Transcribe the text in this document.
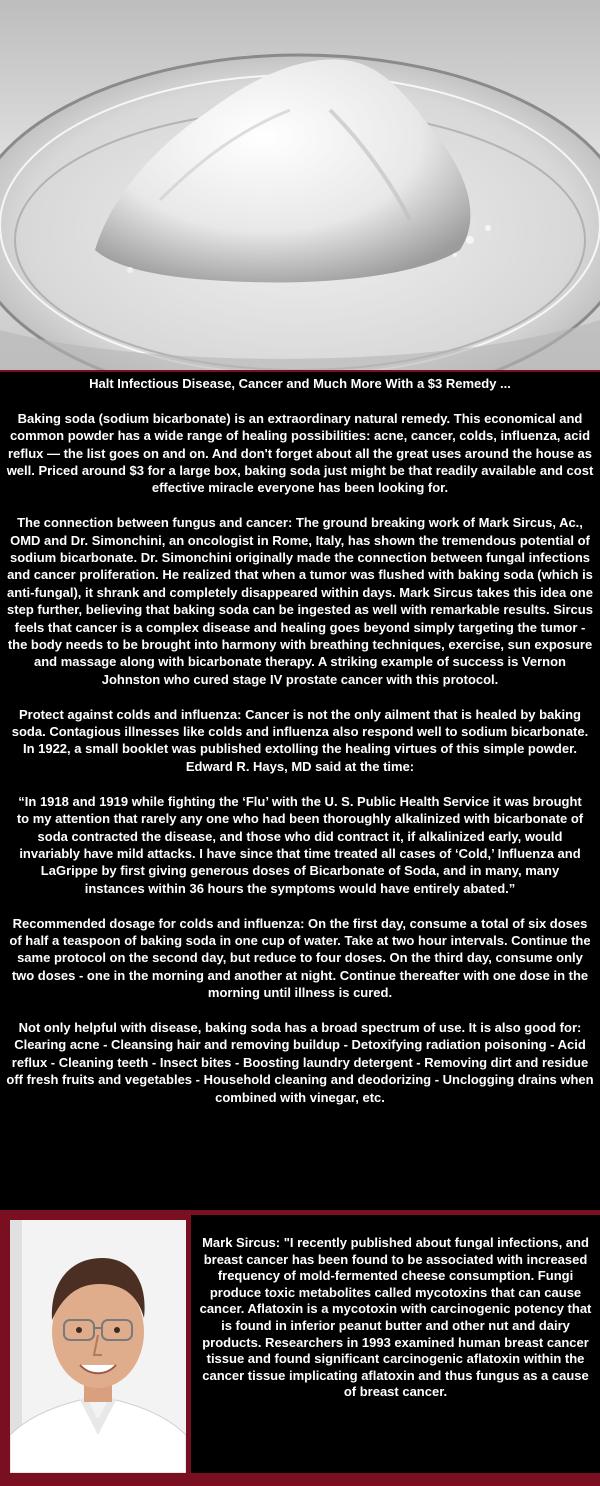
Halt Infectious Disease, Cancer and Much More With a $3 Remedy ...

Baking soda (sodium bicarbonate) is an extraordinary natural remedy. This economical and common powder has a wide range of healing possibilities: acne, cancer, colds, influenza, acid reflux — the list goes on and on. And don't forget about all the great uses around the house as well. Priced around $3 for a large box, baking soda just might be that readily available and cost effective miracle everyone has been looking for.

The connection between fungus and cancer: The ground breaking work of Mark Sircus, Ac., OMD and Dr. Simonchini, an oncologist in Rome, Italy, has shown the tremendous potential of sodium bicarbonate. Dr. Simonchini originally made the connection between fungal infections and cancer proliferation. He realized that when a tumor was flushed with baking soda (which is anti-fungal), it shrank and completely disappeared within days. Mark Sircus takes this idea one step further, believing that baking soda can be ingested as well with remarkable results. Sircus feels that cancer is a complex disease and healing goes beyond simply targeting the tumor - the body needs to be brought into harmony with breathing techniques, exercise, sun exposure and massage along with bicarbonate therapy. A striking example of success is Vernon Johnston who cured stage IV prostate cancer with this protocol.

Protect against colds and influenza: Cancer is not the only ailment that is healed by baking soda. Contagious illnesses like colds and influenza also respond well to sodium bicarbonate. In 1922, a small booklet was published extolling the healing virtues of this simple powder. Edward R. Hays, MD said at the time:

“In 1918 and 1919 while fighting the ‘Flu’ with the U. S. Public Health Service it was brought to my attention that rarely any one who had been thoroughly alkalinized with bicarbonate of soda contracted the disease, and those who did contract it, if alkalinized early, would invariably have mild attacks. I have since that time treated all cases of ‘Cold,’ Influenza and LaGrippe by first giving generous doses of Bicarbonate of Soda, and in many, many instances within 36 hours the symptoms would have entirely abated.”

Recommended dosage for colds and influenza: On the first day, consume a total of six doses of half a teaspoon of baking soda in one cup of water. Take at two hour intervals. Continue the same protocol on the second day, but reduce to four doses. On the third day, consume only two doses - one in the morning and another at night. Continue thereafter with one dose in the morning until illness is cured.

Not only helpful with disease, baking soda has a broad spectrum of use. It is also good for: Clearing acne - Cleansing hair and removing buildup - Detoxifying radiation poisoning - Acid reflux - Cleaning teeth - Insect bites - Boosting laundry detergent - Removing dirt and residue off fresh fruits and vegetables - Household cleaning and deodorizing - Unclogging drains when combined with vinegar, etc.

Mark Sircus: "I recently published about fungal infections, and breast cancer has been found to be associated with increased frequency of mold-fermented cheese consumption. Fungi produce toxic metabolites called mycotoxins that can cause cancer. Aflatoxin is a mycotoxin with carcinogenic potency that is found in inferior peanut butter and other nut and dairy products. Researchers in 1993 examined human breast cancer tissue and found significant carcinogenic aflatoxin within the cancer tissue implicating aflatoxin and thus fungus as a cause of breast cancer.
